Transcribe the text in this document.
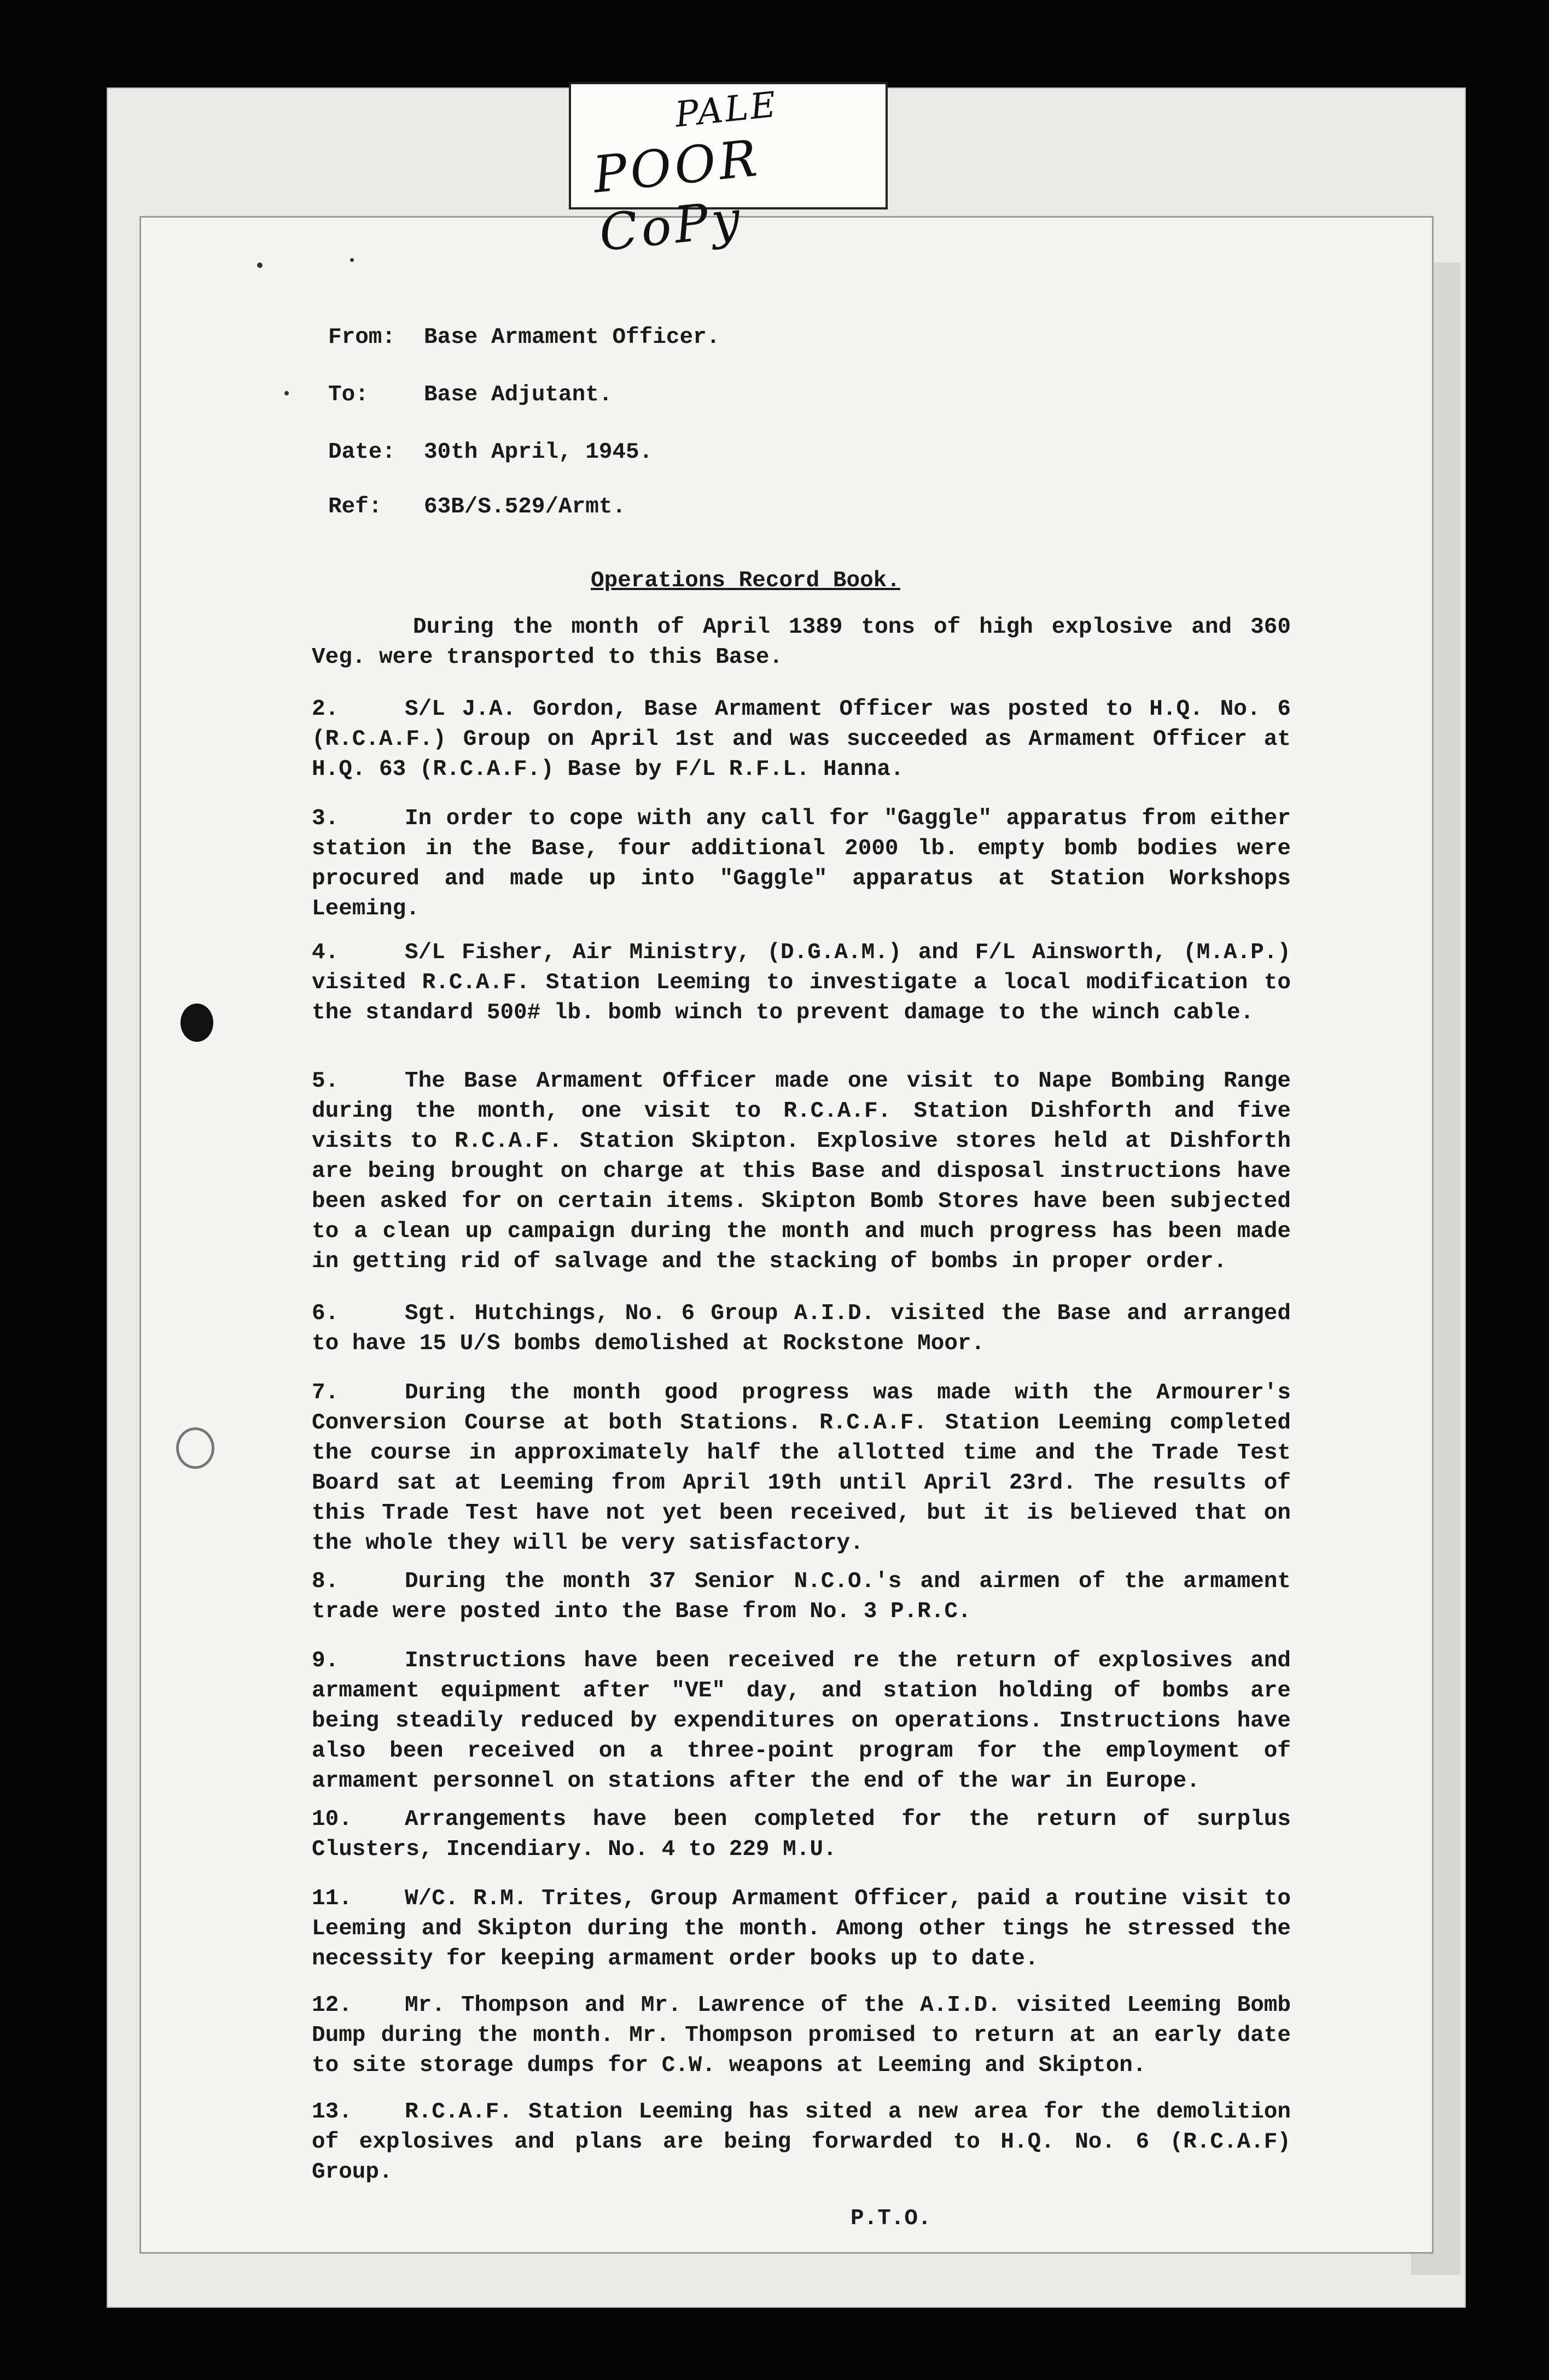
PALE
POOR CoPy
From: Base Armament Officer.
To: Base Adjutant.
Date: 30th April, 1945.
Ref: 63B/S.529/Armt.
Operations Record Book.

During the month of April 1389 tons of high explosive and 360 Veg. were transported to this Base.

2.	S/L J.A. Gordon, Base Armament Officer was posted to H.Q. No. 6 (R.C.A.F.) Group on April 1st and was succeeded as Armament Officer at H.Q. 63 (R.C.A.F.) Base by F/L R.F.L. Hanna.

3.	In order to cope with any call for "Gaggle" apparatus from either station in the Base, four additional 2000 lb. empty bomb bodies were procured and made up into "Gaggle" apparatus at Station Workshops Leeming.

4.	S/L Fisher, Air Ministry, (D.G.A.M.) and F/L Ainsworth, (M.A.P.) visited R.C.A.F. Station Leeming to investigate a local modification to the standard 500# lb. bomb winch to prevent damage to the winch cable.

5.	The Base Armament Officer made one visit to Nape Bombing Range during the month, one visit to R.C.A.F. Station Dishforth and five visits to R.C.A.F. Station Skipton. Explosive stores held at Dishforth are being brought on charge at this Base and disposal instructions have been asked for on certain items. Skipton Bomb Stores have been subjected to a clean up campaign during the month and much progress has been made in getting rid of salvage and the stacking of bombs in proper order.

6.	Sgt. Hutchings, No. 6 Group A.I.D. visited the Base and arranged to have 15 U/S bombs demolished at Rockstone Moor.

7.	During the month good progress was made with the Armourer's Conversion Course at both Stations. R.C.A.F. Station Leeming completed the course in approximately half the allotted time and the Trade Test Board sat at Leeming from April 19th until April 23rd. The results of this Trade Test have not yet been received, but it is believed that on the whole they will be very satisfactory.

8.	During the month 37 Senior N.C.O.'s and airmen of the armament trade were posted into the Base from No. 3 P.R.C.

9.	Instructions have been received re the return of explosives and armament equipment after "VE" day, and station holding of bombs are being steadily reduced by expenditures on operations. Instructions have also been received on a three-point program for the employment of armament personnel on stations after the end of the war in Europe.

10. Arrangements have been completed for the return of surplus Clusters, Incendiary. No. 4 to 229 M.U.

11. W/C. R.M. Trites, Group Armament Officer, paid a routine visit to Leeming and Skipton during the month. Among other tings he stressed the necessity for keeping armament order books up to date.

12. Mr. Thompson and Mr. Lawrence of the A.I.D. visited Leeming Bomb Dump during the month. Mr. Thompson promised to return at an early date to site storage dumps for C.W. weapons at Leeming and Skipton.

13. R.C.A.F. Station Leeming has sited a new area for the demolition of explosives and plans are being forwarded to H.Q. No. 6 (R.C.A.F) Group.

P.T.O.
